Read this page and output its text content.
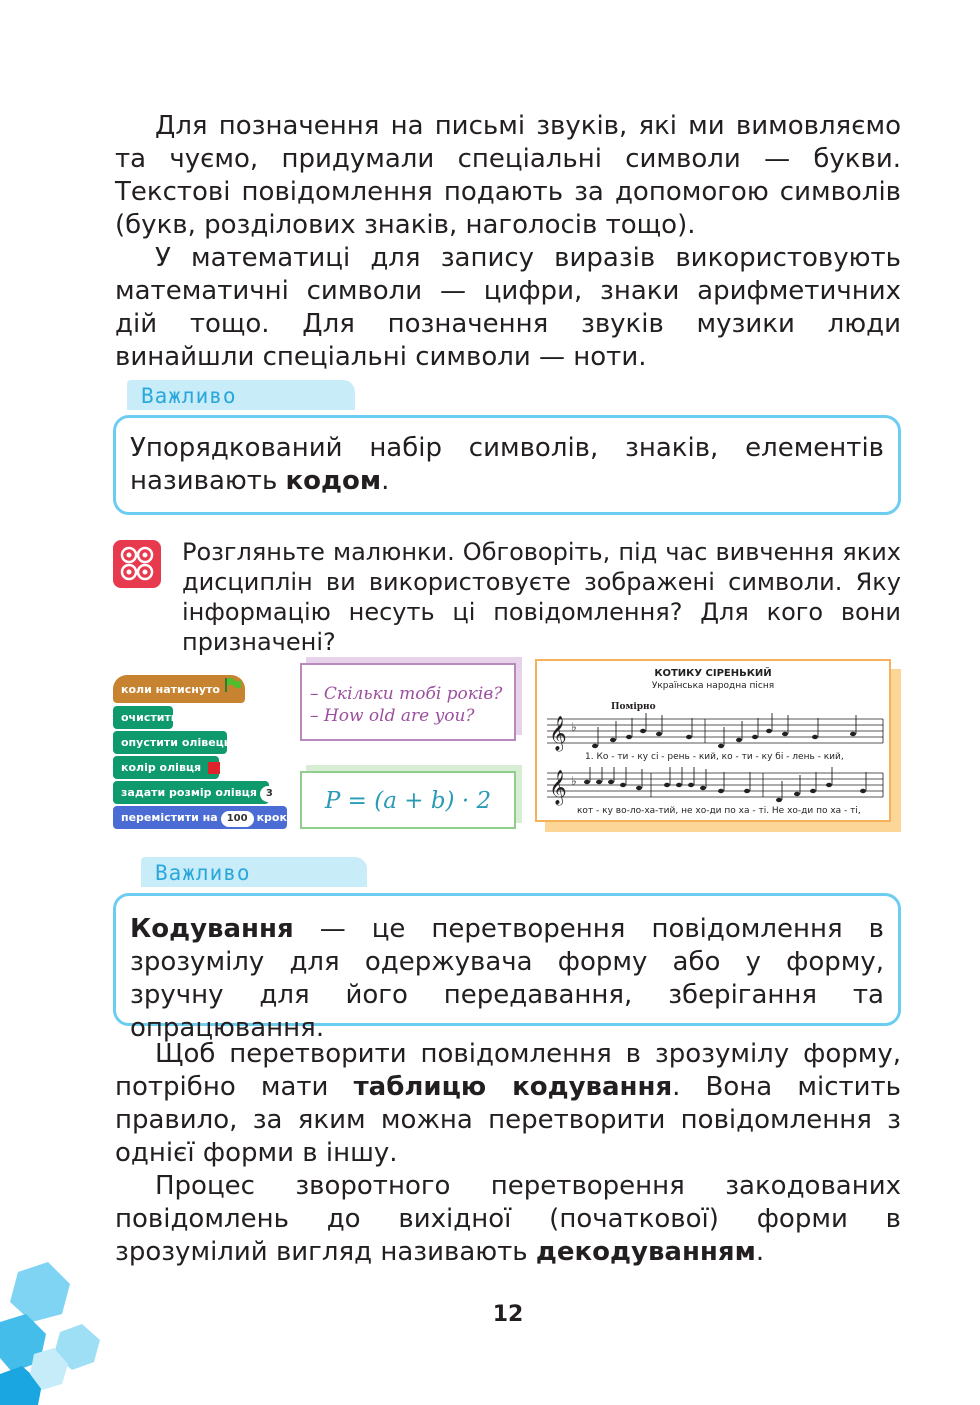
Для позначення на письмі звуків, які ми вимовляємо та чуємо, придумали спеціальні символи — букви. Текстові повідомлення подають за допомогою символів (букв, розділових знаків, наголосів тощо).

У математиці для запису виразів використовують математичні символи — цифри, знаки арифметичних дій тощо. Для позначення звуків музики люди винайшли спеціальні символи — ноти.

Важливо
Упорядкований набір символів, знаків, елементів називають кодом.

Розгляньте малюнки. Обговоріть, під час вивчення яких дисциплін ви використовуєте зображені символи. Яку інформацію несуть ці повідомлення? Для кого вони призначені?

коли натиснуто
очистити
опустити олівець
колір олівця
задати розмір олівця 3
перемістити на 100 кроків
– Скільки тобі років?
– How old are you?
P = (a + b) · 2
КОТИКУ СІРЕНЬКИЙ
Українська народна пісня
Помірно
𝄞 ♭
1. Ко - ти - ку сі - рень - кий, ко - ти - ку бі - лень - кий,
𝄞 ♭
кот - ку во-ло-ха-тий, не хо-ди по ха - ті. Не хо-ди по ха - ті,
Важливо
Кодування — це перетворення повідомлення в зрозумілу для одержувача форму або у форму, зручну для його передавання, зберігання та опрацювання.

Щоб перетворити повідомлення в зрозумілу форму, потрібно мати таблицю кодування. Вона містить правило, за яким можна перетворити повідомлення з однієї форми в іншу.

Процес зворотного перетворення закодованих повідомлень до вихідної (початкової) форми в зрозумілий вигляд називають декодуванням.

12
